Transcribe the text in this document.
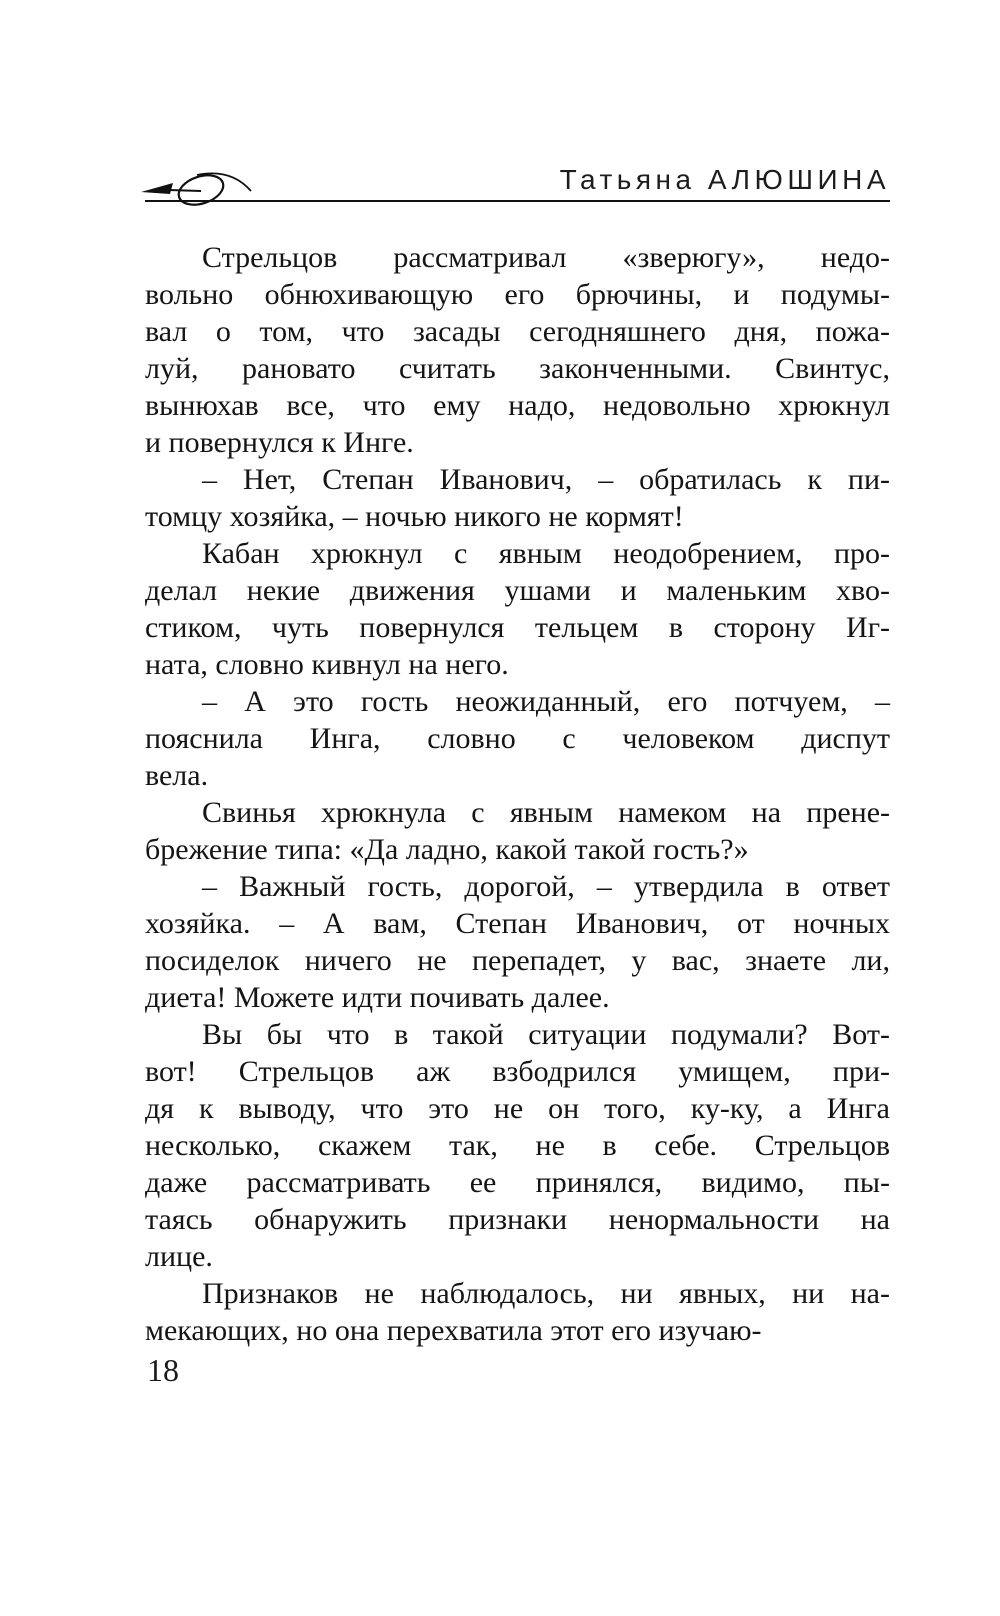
Татьяна АЛЮШИНА
Стрельцов рассматривал «зверюгу», недо-
вольно обнюхивающую его брючины, и подумы-
вал о том, что засады сегодняшнего дня, пожа-
луй, рановато считать законченными. Свинтус,
вынюхав все, что ему надо, недовольно хрюкнул
и повернулся к Инге.
– Нет, Степан Иванович, – обратилась к пи-
томцу хозяйка, – ночью никого не кормят!
Кабан хрюкнул с явным неодобрением, про-
делал некие движения ушами и маленьким хво-
стиком, чуть повернулся тельцем в сторону Иг-
ната, словно кивнул на него.
– А это гость неожиданный, его потчуем, –
пояснила Инга, словно с человеком диспут
вела.
Свинья хрюкнула с явным намеком на прене-
брежение типа: «Да ладно, какой такой гость?»
– Важный гость, дорогой, – утвердила в ответ
хозяйка. – А вам, Степан Иванович, от ночных
посиделок ничего не перепадет, у вас, знаете ли,
диета! Можете идти почивать далее.
Вы бы что в такой ситуации подумали? Вот-
вот! Стрельцов аж взбодрился умищем, при-
дя к выводу, что это не он того, ку-ку, а Инга
несколько, скажем так, не в себе. Стрельцов
даже рассматривать ее принялся, видимо, пы-
таясь обнаружить признаки ненормальности на
лице.
Признаков не наблюдалось, ни явных, ни на-
мекающих, но она перехватила этот его изучаю-
18
